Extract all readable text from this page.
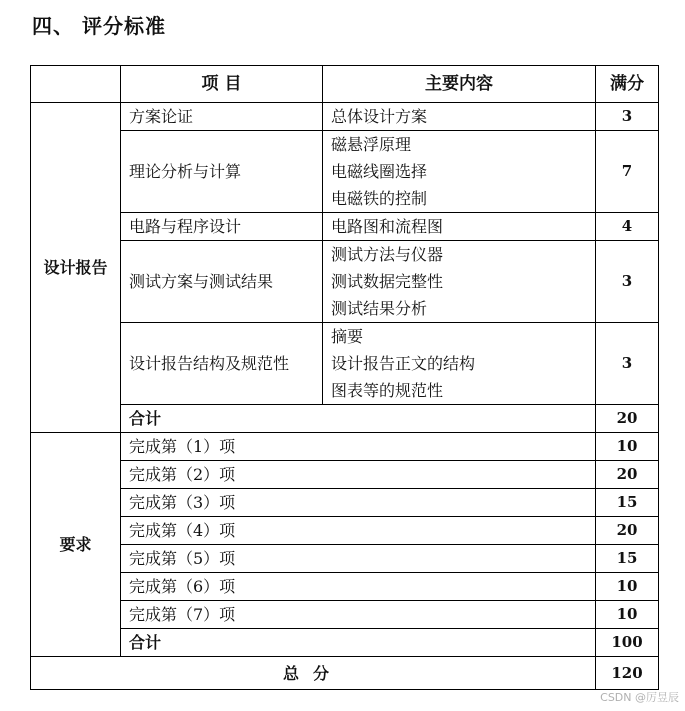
四、 评分标准
	项 目	主要内容	满分
设计报告	方案论证	总体设计方案	3
	理论分析与计算	磁悬浮原理
电磁线圈选择
电磁铁的控制	7
	电路与程序设计	电路图和流程图	4
	测试方案与测试结果	测试方法与仪器
测试数据完整性
测试结果分析	3
	设计报告结构及规范性	摘要
设计报告正文的结构
图表等的规范性	3
	合计		20
要求	完成第（1）项		10
	完成第（2）项		20
	完成第（3）项		15
	完成第（4）项		20
	完成第（5）项		15
	完成第（6）项		10
	完成第（7）项		10
	合计		100
总分			120
CSDN @厉昱辰
